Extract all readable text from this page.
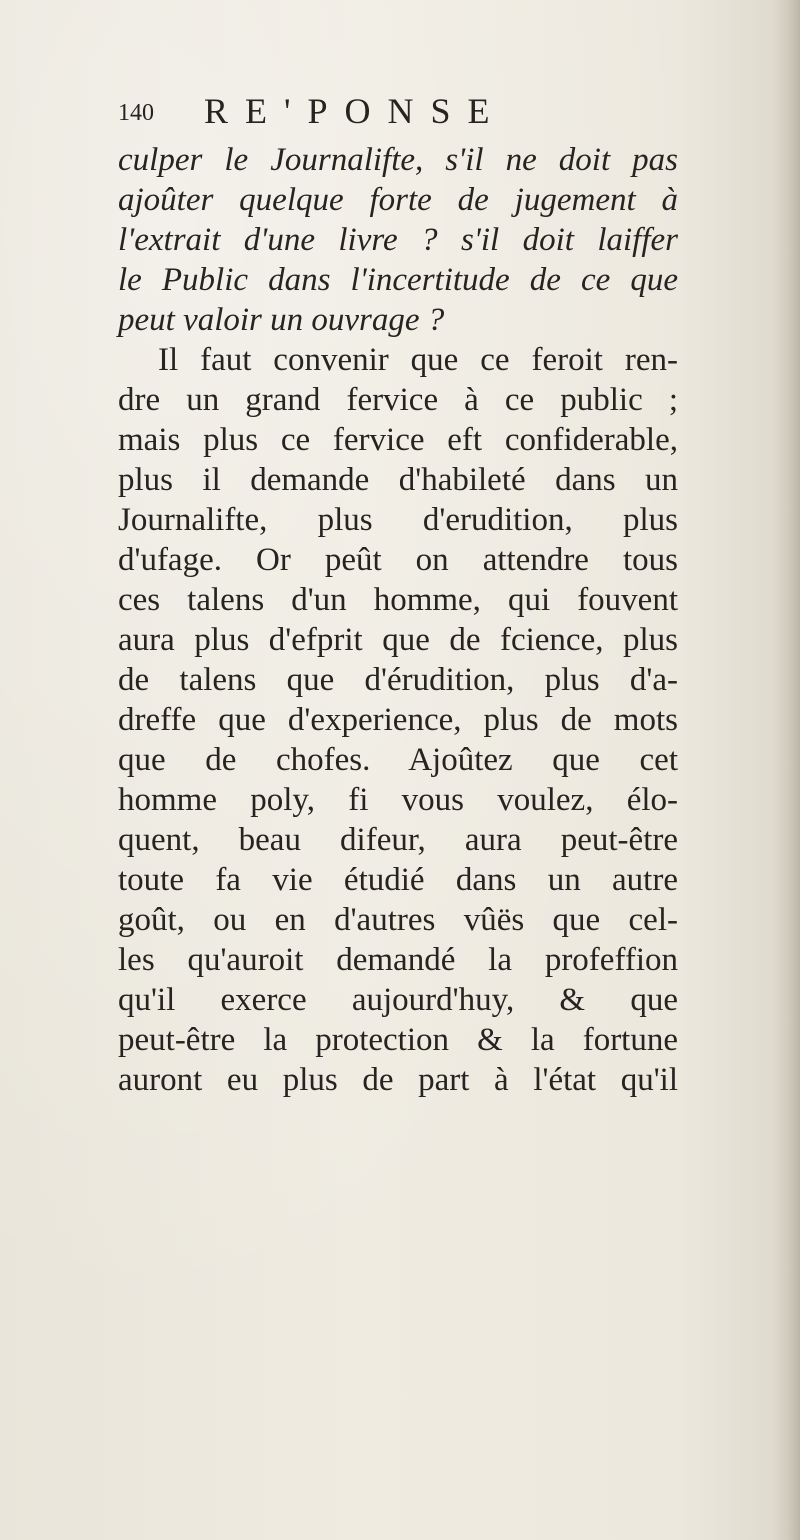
140 RE'PONSE
culper le Journalifte, s'il ne doit pas
ajoûter quelque forte de jugement à
l'extrait d'une livre ? s'il doit laiffer
le Public dans l'incertitude de ce que
peut valoir un ouvrage ?
Il faut convenir que ce feroit ren-
dre un grand fervice à ce public ;
mais plus ce fervice eft confiderable,
plus il demande d'habileté dans un
Journalifte, plus d'erudition, plus
d'ufage. Or peût on attendre tous
ces talens d'un homme, qui fouvent
aura plus d'efprit que de fcience, plus
de talens que d'érudition, plus d'a-
dreffe que d'experience, plus de mots
que de chofes. Ajoûtez que cet
homme poly, fi vous voulez, élo-
quent, beau difeur, aura peut-être
toute fa vie étudié dans un autre
goût, ou en d'autres vûës que cel-
les qu'auroit demandé la profeffion
qu'il exerce aujourd'huy, & que
peut-être la protection & la fortune
auront eu plus de part à l'état qu'il
